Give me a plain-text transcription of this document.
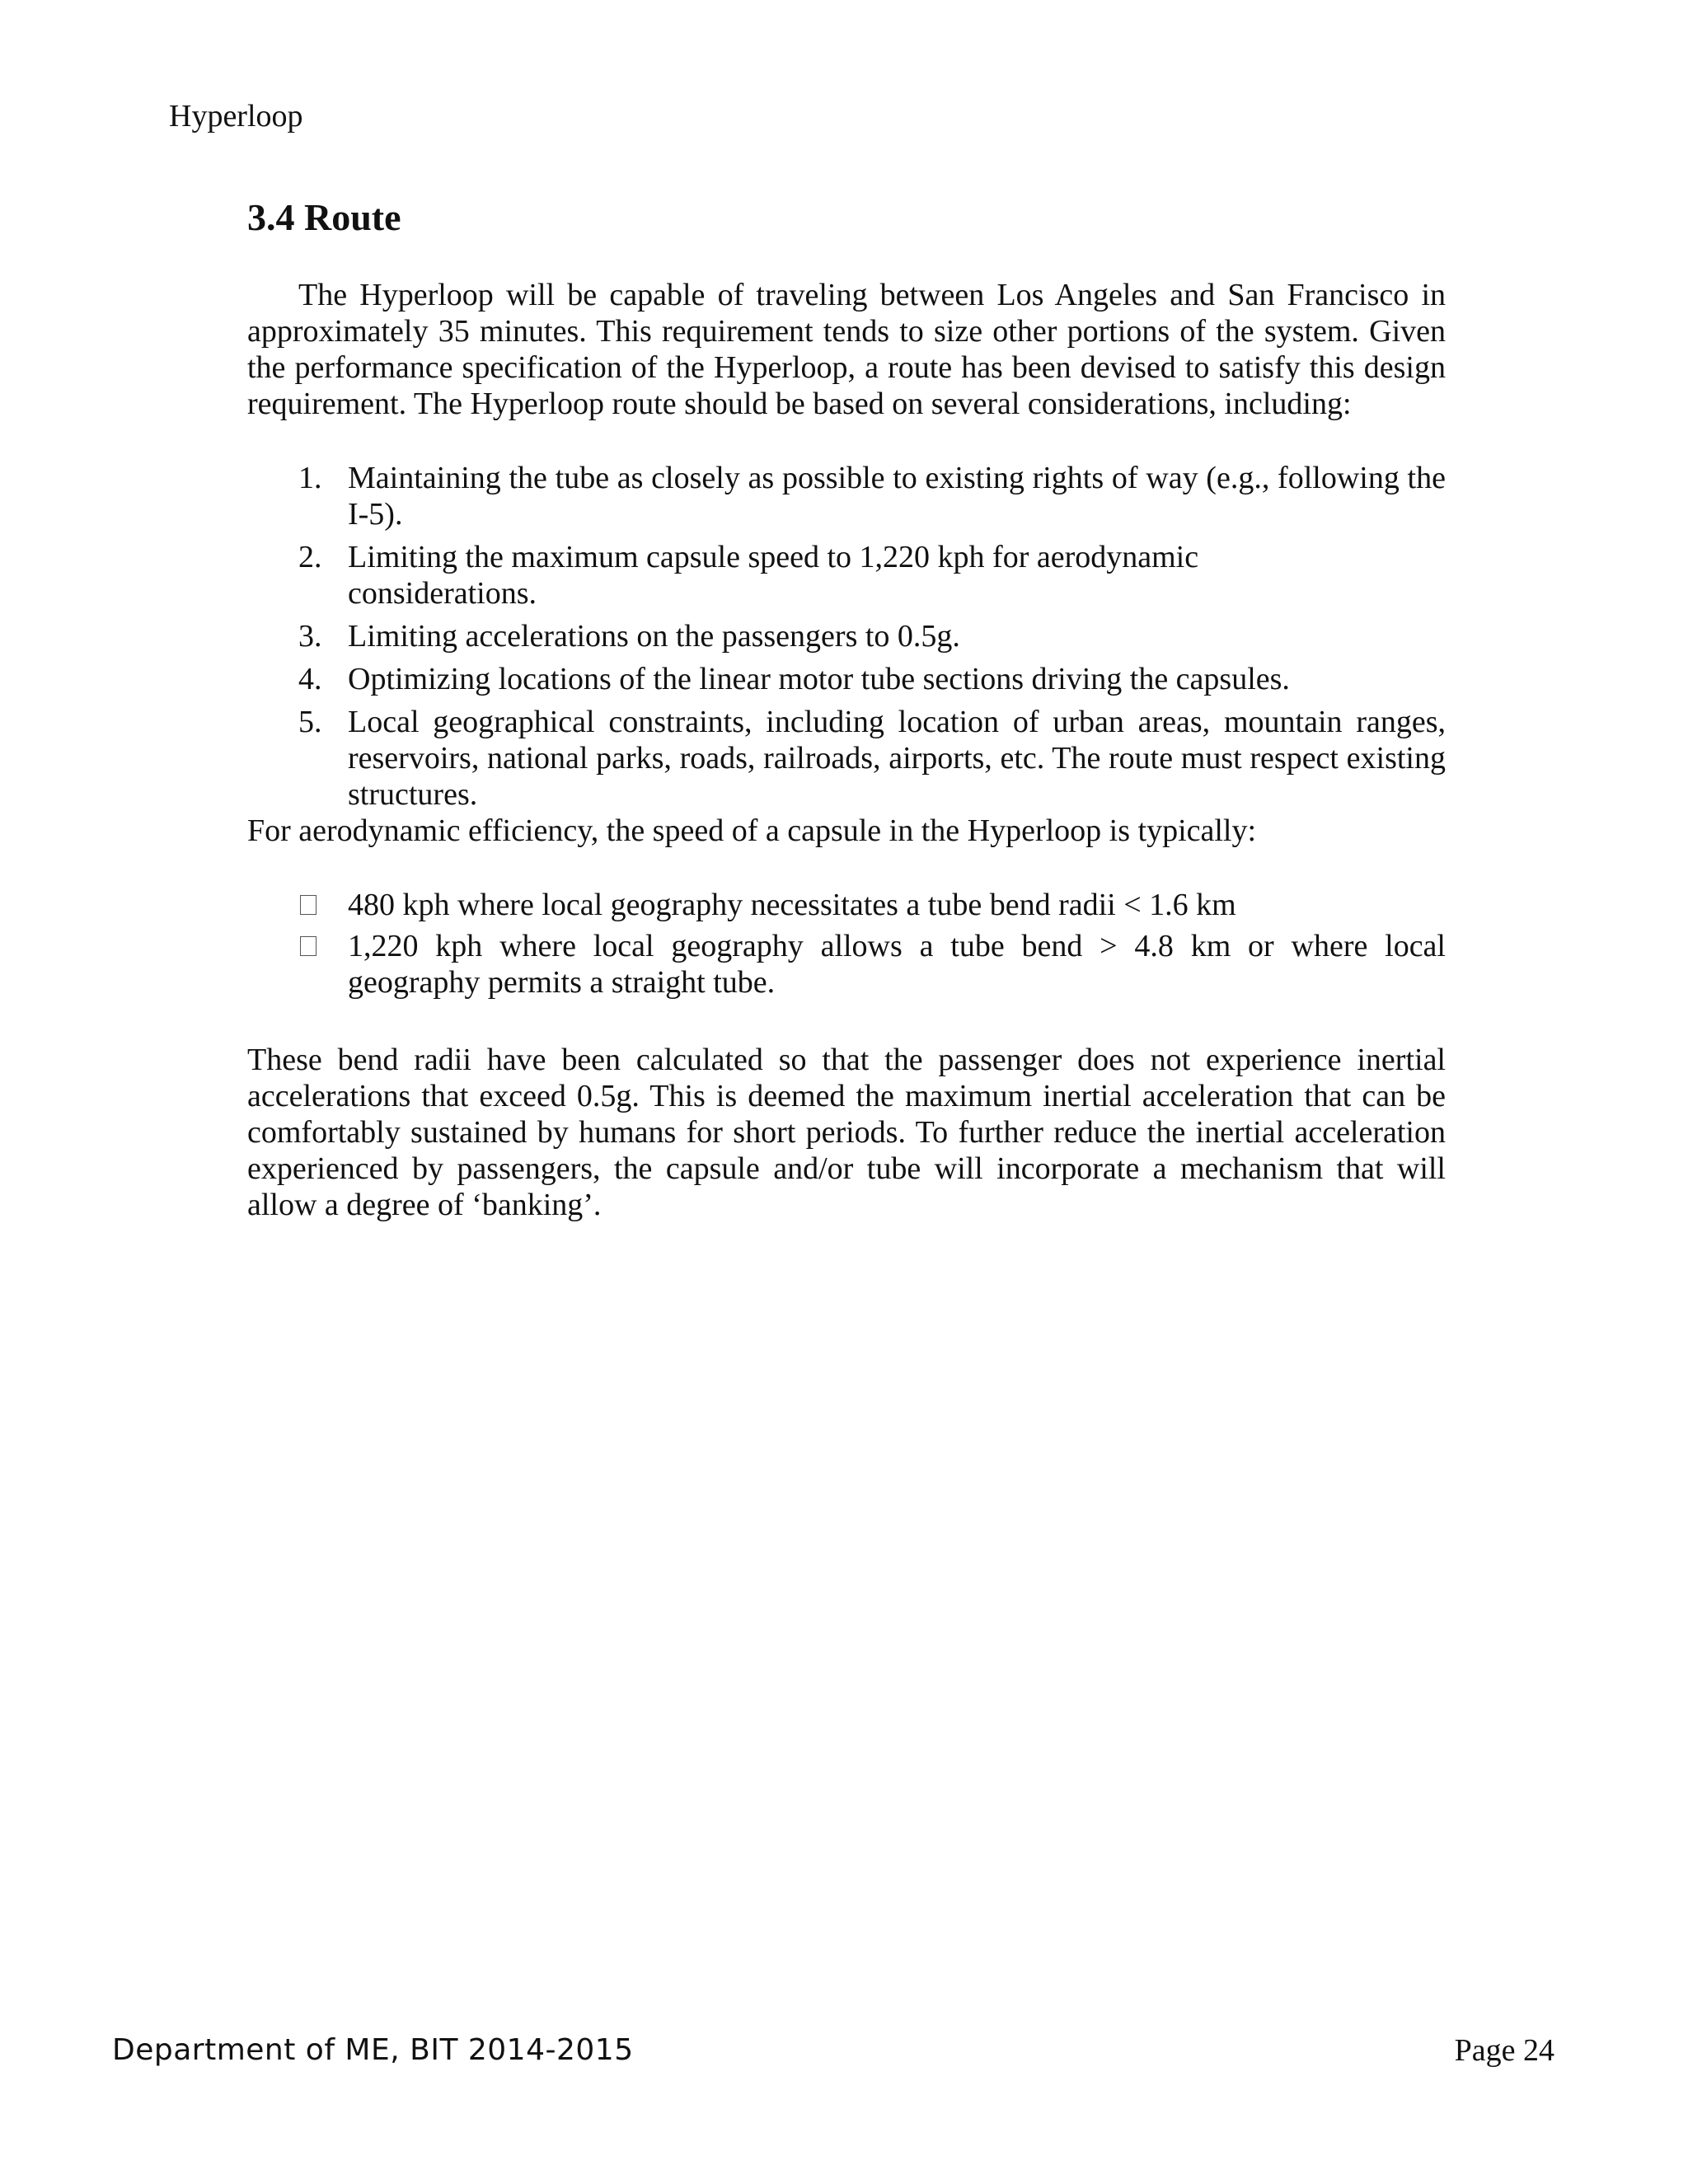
Hyperloop
3.4 Route

The Hyperloop will be capable of traveling between Los Angeles and San Francisco in approximately 35 minutes. This requirement tends to size other portions of the system. Given the performance specification of the Hyperloop, a route has been devised to satisfy this design requirement. The Hyperloop route should be based on several considerations, including:

1. Maintaining the tube as closely as possible to existing rights of way (e.g., following the I-5).
2. Limiting the maximum capsule speed to 1,220 kph for aerodynamic considerations.
3. Limiting accelerations on the passengers to 0.5g.
4. Optimizing locations of the linear motor tube sections driving the capsules.
5. Local geographical constraints, including location of urban areas, mountain ranges, reservoirs, national parks, roads, railroads, airports, etc. The route must respect existing structures.

For aerodynamic efficiency, the speed of a capsule in the Hyperloop is typically:

480 kph where local geography necessitates a tube bend radii < 1.6 km
1,220 kph where local geography allows a tube bend > 4.8 km or where local geography permits a straight tube.

These bend radii have been calculated so that the passenger does not experience inertial accelerations that exceed 0.5g. This is deemed the maximum inertial acceleration that can be comfortably sustained by humans for short periods. To further reduce the inertial acceleration experienced by passengers, the capsule and/or tube will incorporate a mechanism that will allow a degree of ‘banking’.

Department of ME, BIT 2014-2015	Page 24
